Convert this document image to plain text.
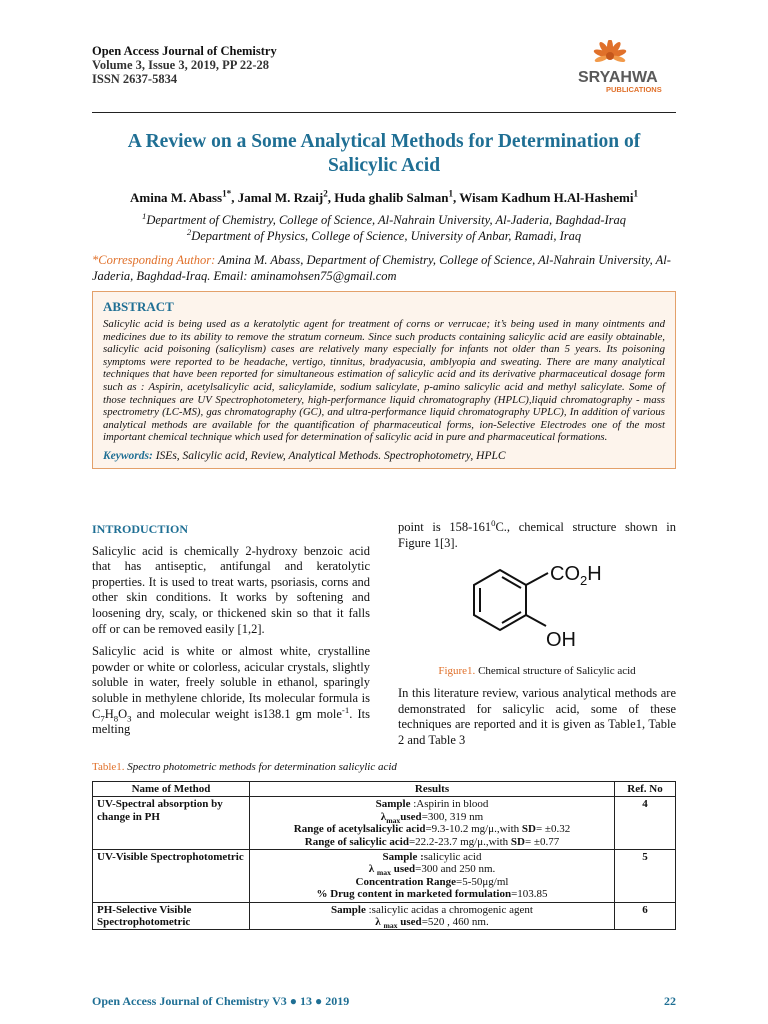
Open Access Journal of Chemistry
Volume 3, Issue 3, 2019, PP 22-28
ISSN 2637-5834	SRYAHWA
PUBLICATIONS
A Review on a Some Analytical Methods for Determination of Salicylic Acid
Amina M. Abass$^{1*}$, Jamal M. Rzaij$^2$, Huda ghalib Salman$^1$, Wisam Kadhum H.Al-Hashemi$^1$
$^1$Department of Chemistry, College of Science, Al-Nahrain University, Al-Jaderia, Baghdad-Iraq
$^2$Department of Physics, College of Science, University of Anbar, Ramadi, Iraq
*Corresponding Author: Amina M. Abass, Department of Chemistry, College of Science, Al-Nahrain University, Al-Jaderia, Baghdad-Iraq. Email: aminamohsen75@gmail.com
ABSTRACT
Salicylic acid is being used as a keratolytic agent for treatment of corns or verrucae; it’s being used in many ointments and medicines due to its ability to remove the stratum corneum. Since such products containing salicylic acid are easily obtainable, salicylic acid poisoning (salicylism) cases are relatively many especially for infants not older than 5 years. Its poisoning symptoms were reported to be headache, vertigo, tinnitus, bradyacusia, amblyopia and sweating. There are many analytical techniques that have been reported for simultaneous estimation of salicylic acid and its derivative pharmaceutical dosage form such as : Aspirin, acetylsalicylic acid, salicylamide, sodium salicylate, p-amino salicylic acid and methyl salicylate. Some of those techniques are UV Spectrophotometery, high-performance liquid chromatography (HPLC),liquid chromatography - mass spectrometry (LC-MS), gas chromatography (GC), and ultra-performance liquid chromatography UPLC), In addition of various analytical methods are available for the quantification of pharmaceutical forms, ion-Selective Electrodes one of the most important chemical technique which used for determination of salicylic acid in pure and pharmaceutical formations.
Keywords: ISEs, Salicylic acid, Review, Analytical Methods. Spectrophotometry, HPLC
INTRODUCTION

Salicylic acid is chemically 2-hydroxy benzoic acid that has antiseptic, antifungal and keratolytic properties. It is used to treat warts, psoriasis, corns and other skin conditions. It works by softening and loosening dry, scaly, or thickened skin so that it falls off or can be removed easily [1,2].

Salicylic acid is white or almost white, crystalline powder or white or colorless, acicular crystals, slightly soluble in water, freely soluble in ethanol, sparingly soluble in methylene chloride, Its molecular formula is $C_7H_8O_3$ and molecular weight is138.1 gm mole$^{-1}$. Its melting

point is $158-161^0C$., chemical structure shown in Figure 1[3].

$CO_2H$
OH
Figure1. Chemical structure of Salicylic acid
In this literature review, various analytical methods are demonstrated for salicylic acid, some of these techniques are reported and it is given as Table1, Table 2 and Table 3
Table1. Spectro photometric methods for determination salicylic acid
Name of Method	Results	Ref. No
UV-Spectral absorption by change in PH	Sample :Aspirin in blood
$\lambda_{max}used=300$, 319 nm
Range of acetylsalicylic acid=9.3-10.2 mg/μ.,with SD= ±0.32
Range of salicylic acid=22.2-23.7 mg/μ.,with SD= ±0.77	4
UV-Visible Spectrophotometric	Sample :salicylic acid
λ $_{max}$ used=300 and 250 nm.
Concentration Range=5-50μg/ml
% Drug content in marketed formulation=103.85	5
PH-Selective Visible Spectrophotometric	Sample :salicylic acidas a chromogenic agent
λ $_{max}$ used=520 , 460 nm.	6
Open Access Journal of Chemistry V3 ● 13 ● 2019	22
